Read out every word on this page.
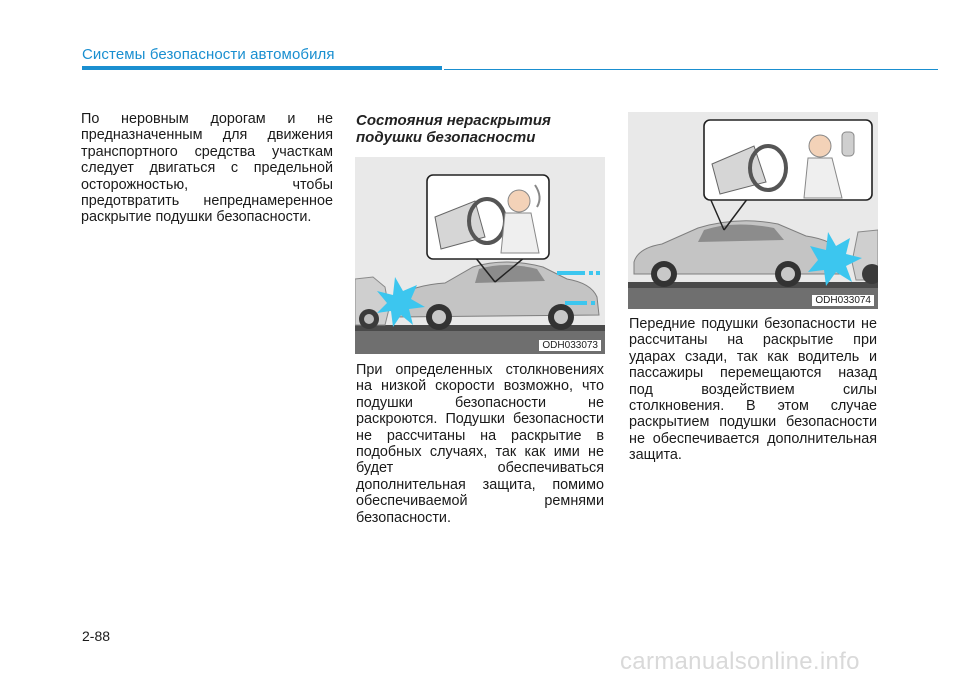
Системы безопасности автомобиля
По неровным дорогам и не предназначенным для движения транспортного средства участкам следует двигаться с предельной осторожностью, чтобы предотвратить непреднамеренное раскрытие подушки безопасности.
Состояния нераскрытия подушки безопасности
ODH033073
При определенных столкновениях на низкой скорости возможно, что подушки безопасности не раскроются. Подушки безопасности не рассчитаны на раскрытие в подобных случаях, так как ими не будет обеспечиваться дополнительная защита, помимо обеспечиваемой ремнями безопасности.
ODH033074
Передние подушки безопасности не рассчитаны на раскрытие при ударах сзади, так как водитель и пассажиры перемещаются назад под воздействием силы столкновения. В этом случае раскрытием подушки безопасности не обеспечивается дополнительная защита.
2-88
carmanualsonline.info
